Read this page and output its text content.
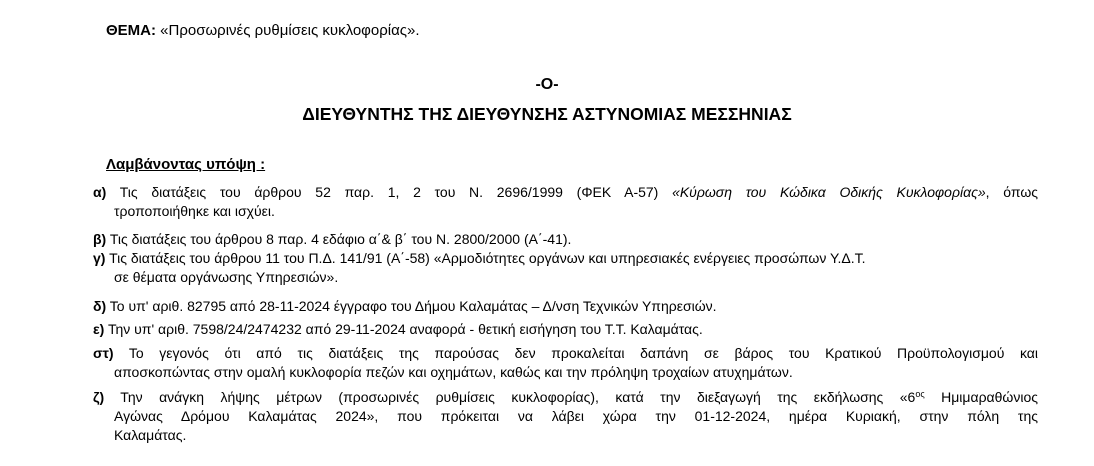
ΘΕΜΑ: «Προσωρινές ρυθμίσεις κυκλοφορίας».
-Ο-
ΔΙΕΥΘΥΝΤΗΣ ΤΗΣ ΔΙΕΥΘΥΝΣΗΣ ΑΣΤΥΝΟΜΙΑΣ ΜΕΣΣΗΝΙΑΣ
Λαμβάνοντας υπόψη :
α) Τις διατάξεις του άρθρου 52 παρ. 1, 2 του Ν. 2696/1999 (ΦΕΚ Α-57) «Κύρωση του Κώδικα Οδικής Κυκλοφορίας», όπως
τροποποιήθηκε και ισχύει.
β) Τις διατάξεις του άρθρου 8 παρ. 4 εδάφιο α΄& β΄ του Ν. 2800/2000 (Α΄-41).
γ) Τις διατάξεις του άρθρου 11 του Π.Δ. 141/91 (Α΄-58) «Αρμοδιότητες οργάνων και υπηρεσιακές ενέργειες προσώπων Υ.Δ.Τ.
σε θέματα οργάνωσης Υπηρεσιών».
δ) Το υπ' αριθ. 82795 από 28-11-2024 έγγραφο του Δήμου Καλαμάτας – Δ/νση Τεχνικών Υπηρεσιών.
ε) Την υπ' αριθ. 7598/24/2474232 από 29-11-2024 αναφορά - θετική εισήγηση του Τ.Τ. Καλαμάτας.
στ) Το γεγονός ότι από τις διατάξεις της παρούσας δεν προκαλείται δαπάνη σε βάρος του Κρατικού Προϋπολογισμού και
αποσκοπώντας στην ομαλή κυκλοφορία πεζών και οχημάτων, καθώς και την πρόληψη τροχαίων ατυχημάτων.
ζ) Την ανάγκη λήψης μέτρων (προσωρινές ρυθμίσεις κυκλοφορίας), κατά την διεξαγωγή της εκδήλωσης «$6^{o\varsigma}$ Ημιμαραθώνιος
Αγώνας Δρόμου Καλαμάτας 2024», που πρόκειται να λάβει χώρα την 01-12-2024, ημέρα Κυριακή, στην πόλη της
Καλαμάτας.
